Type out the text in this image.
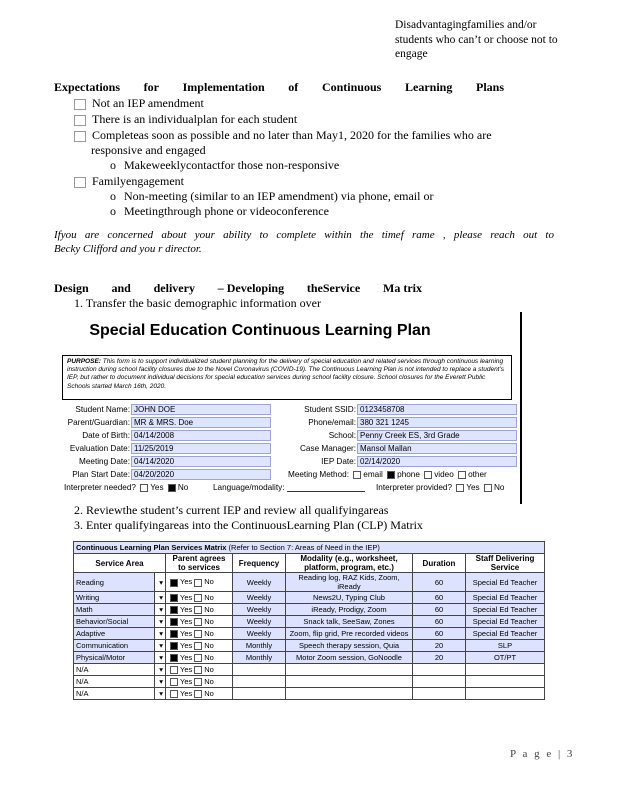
Disadvantagingfamilies and/or students who can’t or choose not to engage
Expectations for Implementation of Continuous Learning Plans
Not an IEP amendment
There is an individualplan for each student
Completeas soon as possible and no later than May1, 2020 for the families who are
responsive and engaged
o Makeweeklycontactfor those non-responsive
Familyengagement
o Non-meeting (similar to an IEP amendment) via phone, email or
o Meetingthrough phone or videoconference
Ifyou are concerned about your ability to complete within the timef rame , please reach out to
Becky Clifford and you r director.
Design and delivery – Developing theService Ma trix
1. Transfer the basic demographic information over
Special Education Continuous Learning Plan
PURPOSE: This form is to support individualized student planning for the delivery of special education and related services through continuous learning instruction during school facility closures due to the Novel Coronavirus (COVID-19). The Continuous Learning Plan is not intended to replace a student’s IEP, but rather to document individual decisions for special education services during school facility closure. School closures for the Everett Public Schools started March 16th, 2020.
Student Name: JOHN DOE
Parent/Guardian: MR & MRS. Doe
Date of Birth: 04/14/2008
Evaluation Date: 11/25/2019
Meeting Date: 04/14/2020
Plan Start Date: 04/20/2020
Student SSID: 0123458708
Phone/email: 380 321 1245
School: Penny Creek ES, 3rd Grade
Case Manager: Mansol Mallan
IEP Date: 02/14/2020
Meeting Method: email phone video other
Interpreter needed? Yes No	Language/modality:	Interpreter provided? Yes No
2. Reviewthe student’s current IEP and review all qualifyingareas
3. Enter qualifyingareas into the ContinuousLearning Plan (CLP) Matrix
Continuous Learning Plan Services Matrix (Refer to Section 7: Areas of Need in the IEP)						
Service Area		Parent agrees to services	Frequency	Modality (e.g., worksheet, platform, program, etc.)	Duration	Staff Delivering Service
Reading	▾	Yes No	Weekly	Reading log, RAZ Kids, Zoom, iReady	60	Special Ed Teacher
Writing	▾	Yes No	Weekly	News2U, Typing Club	60	Special Ed Teacher
Math	▾	Yes No	Weekly	iReady, Prodigy, Zoom	60	Special Ed Teacher
Behavior/Social	▾	Yes No	Weekly	Snack talk, SeeSaw, Zones	60	Special Ed Teacher
Adaptive	▾	Yes No	Weekly	Zoom, flip grid, Pre recorded videos	60	Special Ed Teacher
Communication	▾	Yes No	Monthly	Speech therapy session, Quia	20	SLP
Physical/Motor	▾	Yes No	Monthly	Motor Zoom session, GoNoodle	20	OT/PT
N/A	▾	Yes No				
N/A	▾	Yes No				
N/A	▾	Yes No				
P a g e | 3
